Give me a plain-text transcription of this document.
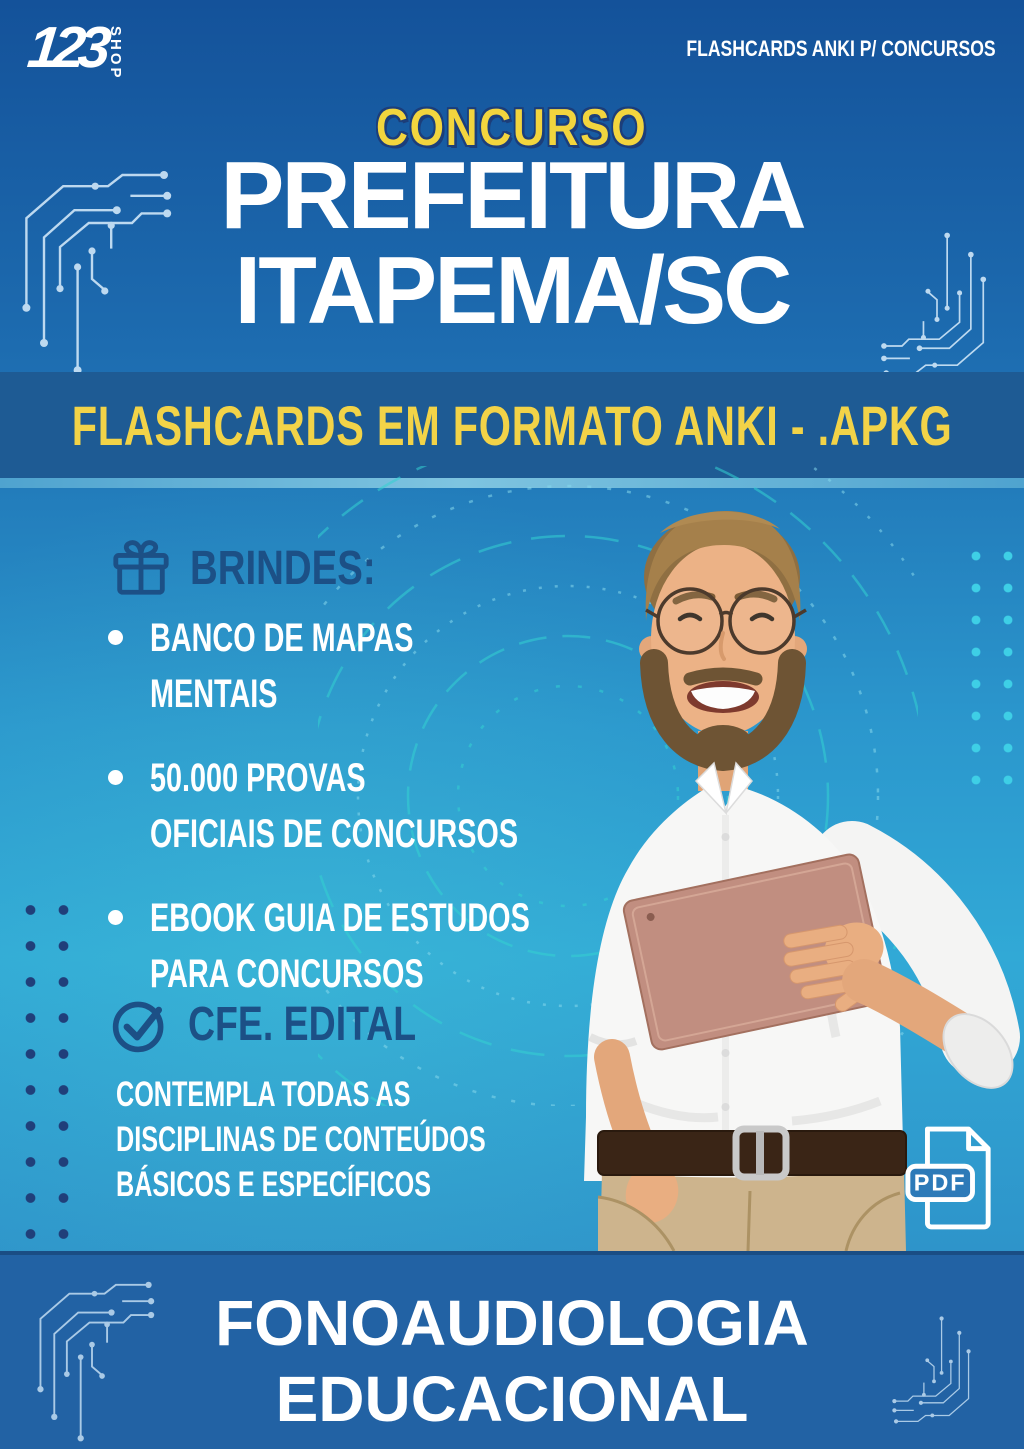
123 SHOP	FLASHCARDS ANKI P/ CONCURSOS
CONCURSO
PREFEITURA
ITAPEMA/SC
FLASHCARDS EM FORMATO ANKI - .APKG
BRINDES:
BANCO DE MAPAS
MENTAIS
50.000 PROVAS
OFICIAIS DE CONCURSOS
EBOOK GUIA DE ESTUDOS
PARA CONCURSOS
CFE. EDITAL
CONTEMPLA TODAS AS
DISCIPLINAS DE CONTEÚDOS
BÁSICOS E ESPECÍFICOS	PDF
FONOAUDIOLOGIA
EDUCACIONAL
